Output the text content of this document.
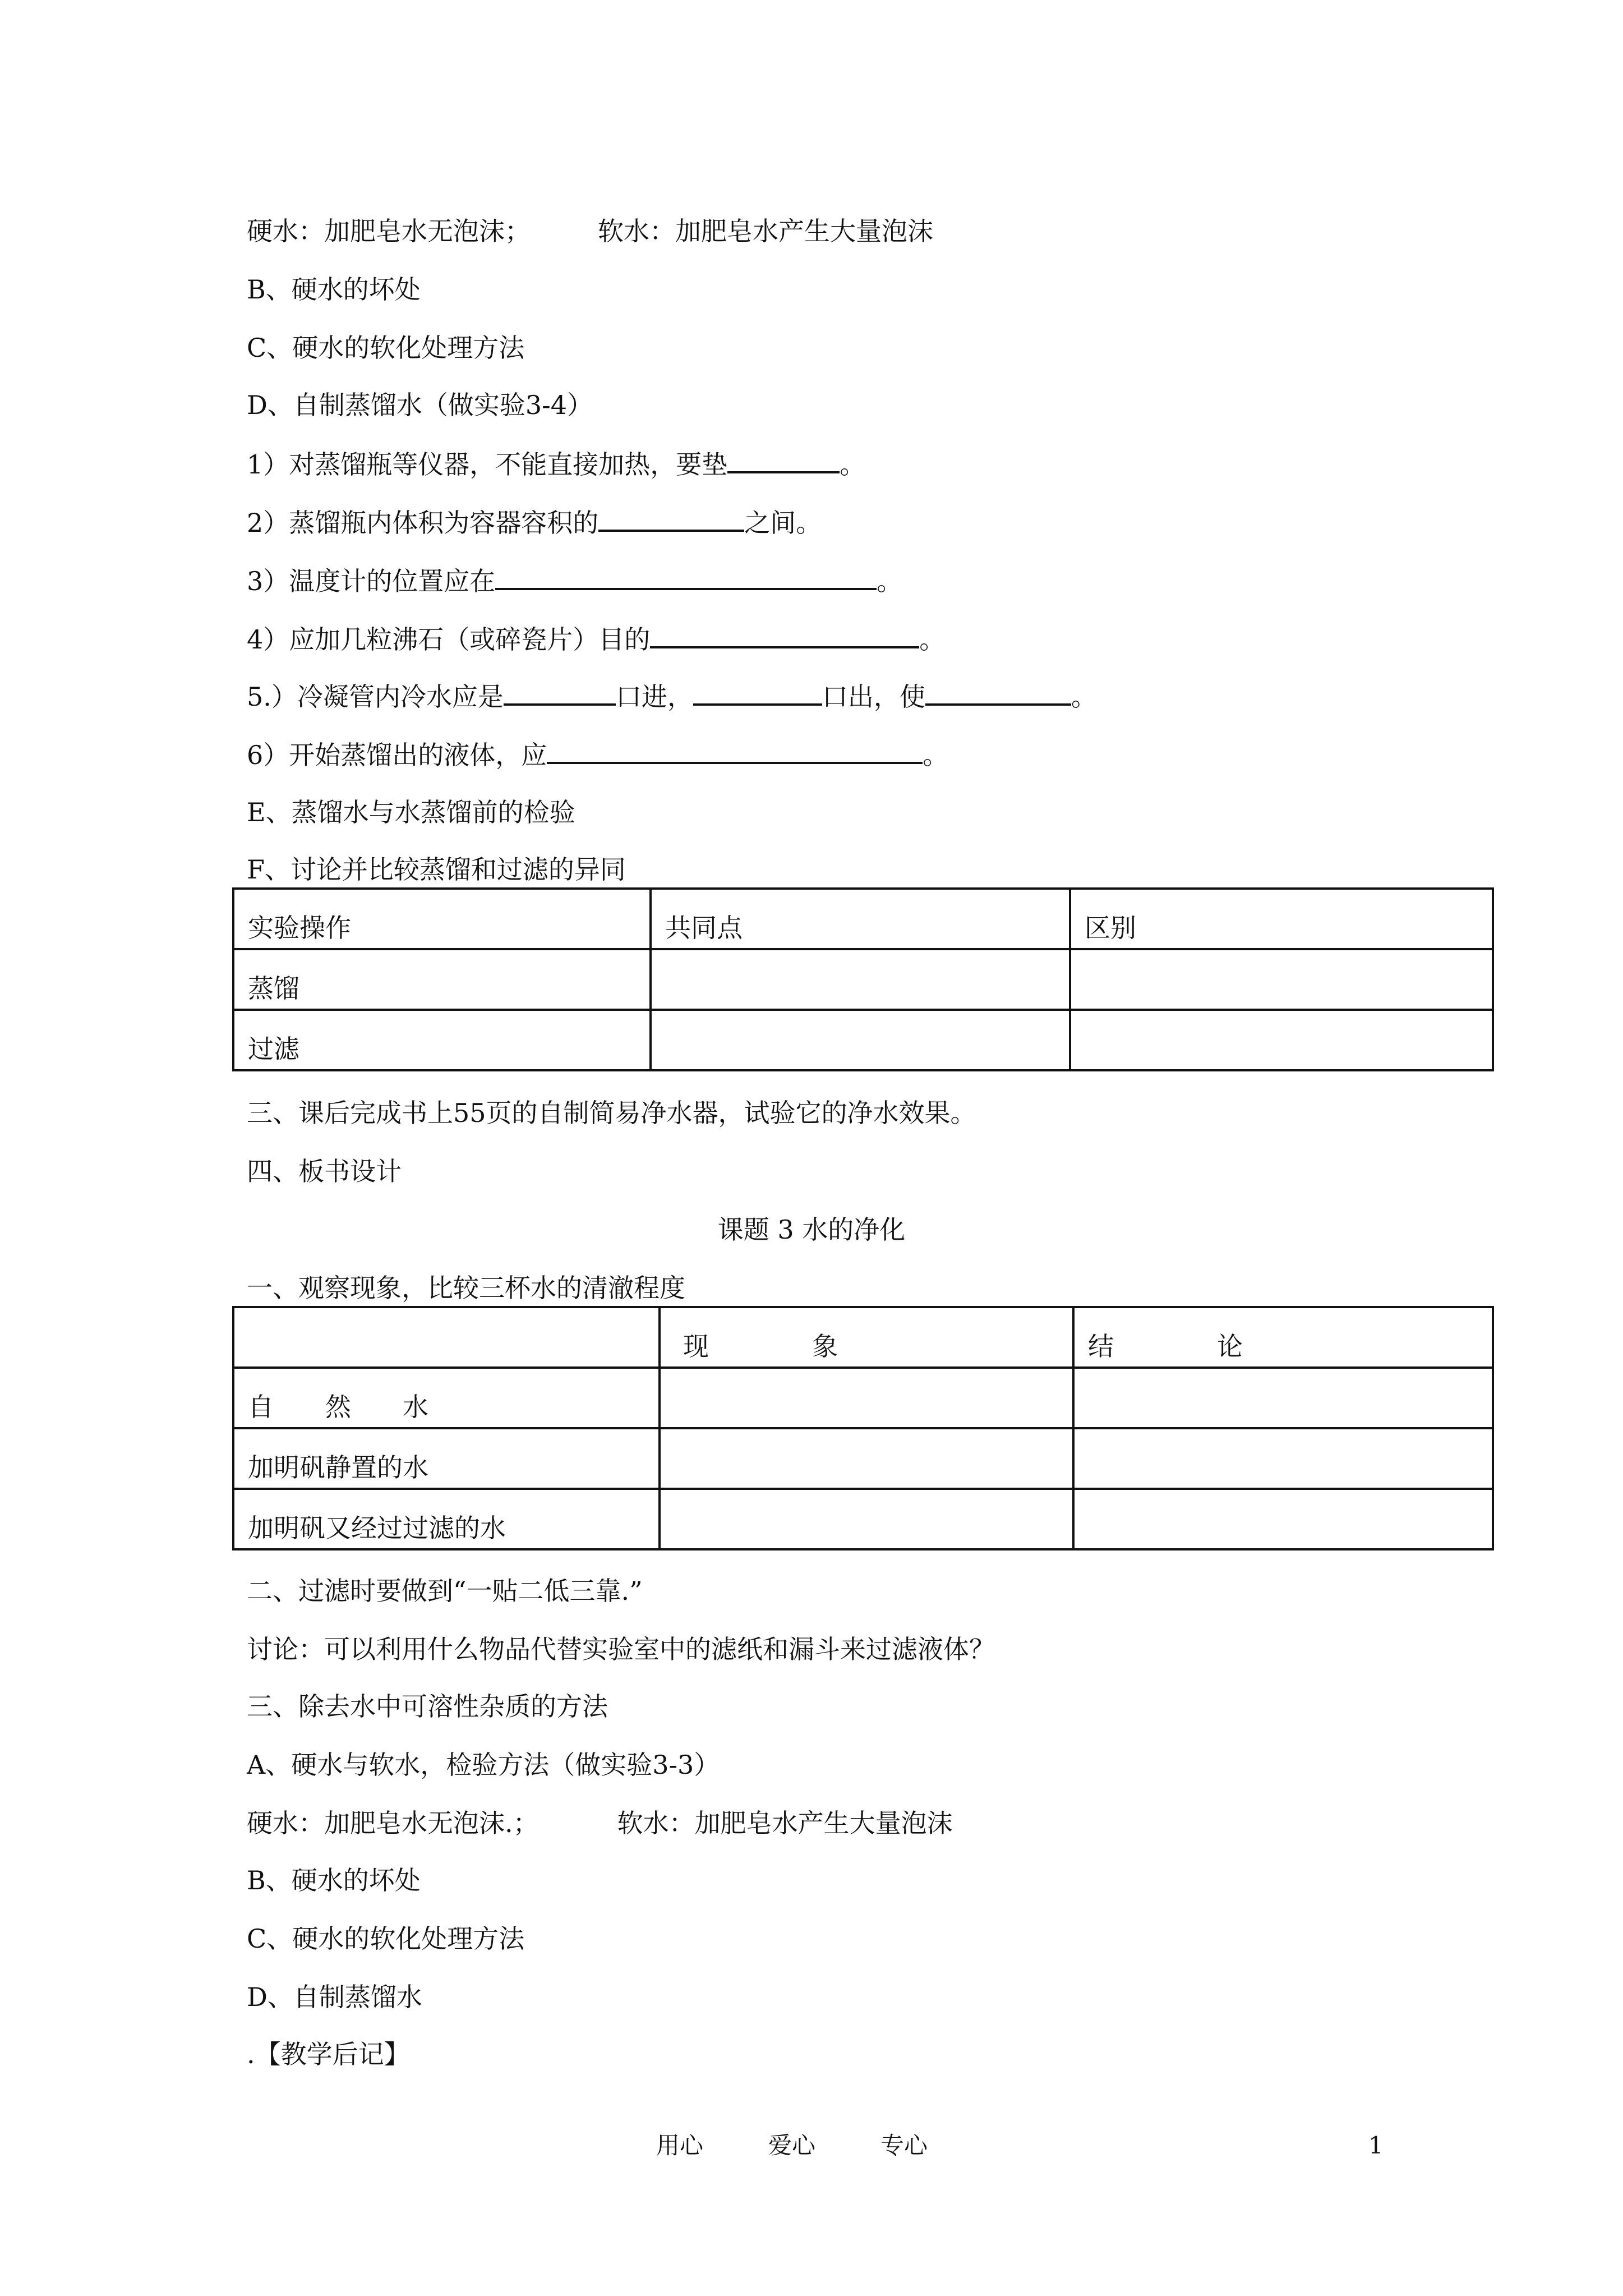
硬水：加肥皂水无泡沫；	软水：加肥皂水产生大量泡沫
B、硬水的坏处
C、硬水的软化处理方法
D、自制蒸馏水（做实验3-4）
1）对蒸馏瓶等仪器，不能直接加热，要垫	。
2）蒸馏瓶内体积为容器容积的	之间。
3）温度计的位置应在	。
4）应加几粒沸石（或碎瓷片）目的	。
5.）冷凝管内冷水应是	口进，	口出，使	。
6）开始蒸馏出的液体，应	。
E、蒸馏水与水蒸馏前的检验
F、讨论并比较蒸馏和过滤的异同
实验操作	共同点	区别
蒸馏		
过滤		
三、课后完成书上55页的自制简易净水器，试验它的净水效果。
四、板书设计
课题 3 水的净化
一、观察现象，比较三杯水的清澈程度
	现　　　　象	结　　　　论
自　　然　　水		
加明矾静置的水		
加明矾又经过过滤的水		
二、过滤时要做到“一贴二低三靠.”
讨论：可以利用什么物品代替实验室中的滤纸和漏斗来过滤液体？
三、除去水中可溶性杂质的方法
A、硬水与软水，检验方法（做实验3-3）
硬水：加肥皂水无泡沫.；	软水：加肥皂水产生大量泡沫
B、硬水的坏处
C、硬水的软化处理方法
D、自制蒸馏水
.【教学后记】
用心	爱心	专心	1
